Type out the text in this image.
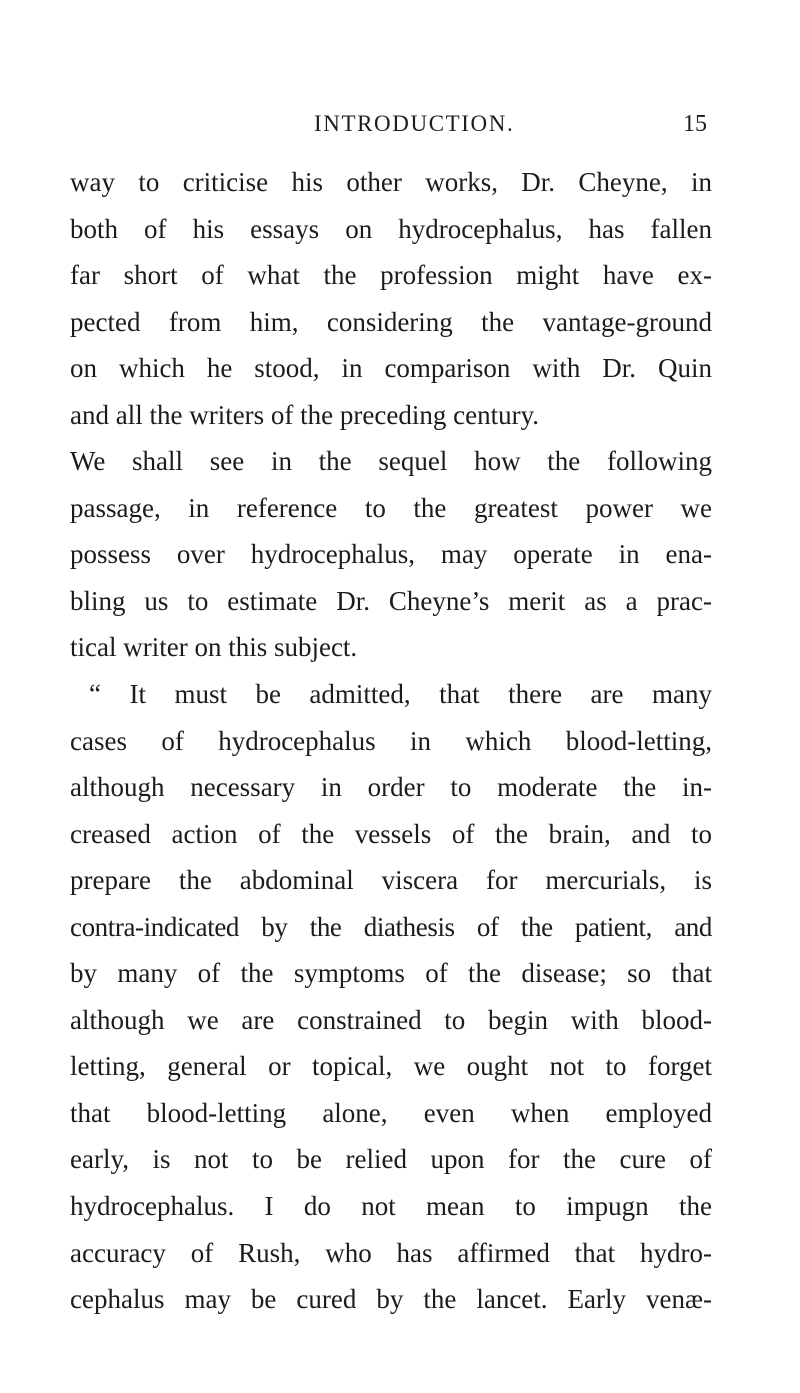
INTRODUCTION.	15
way to criticise his other works, Dr. Cheyne, in
both of his essays on hydrocephalus, has fallen
far short of what the profession might have ex-
pected from him, considering the vantage-ground
on which he stood, in comparison with Dr. Quin
and all the writers of the preceding century.
We shall see in the sequel how the following
passage, in reference to the greatest power we
possess over hydrocephalus, may operate in ena-
bling us to estimate Dr. Cheyne’s merit as a prac-
tical writer on this subject.
“ It must be admitted, that there are many
cases of hydrocephalus in which blood-letting,
although necessary in order to moderate the in-
creased action of the vessels of the brain, and to
prepare the abdominal viscera for mercurials, is
contra-indicated by the diathesis of the patient, and
by many of the symptoms of the disease; so that
although we are constrained to begin with blood-
letting, general or topical, we ought not to forget
that blood-letting alone, even when employed
early, is not to be relied upon for the cure of
hydrocephalus. I do not mean to impugn the
accuracy of Rush, who has affirmed that hydro-
cephalus may be cured by the lancet. Early venæ-
